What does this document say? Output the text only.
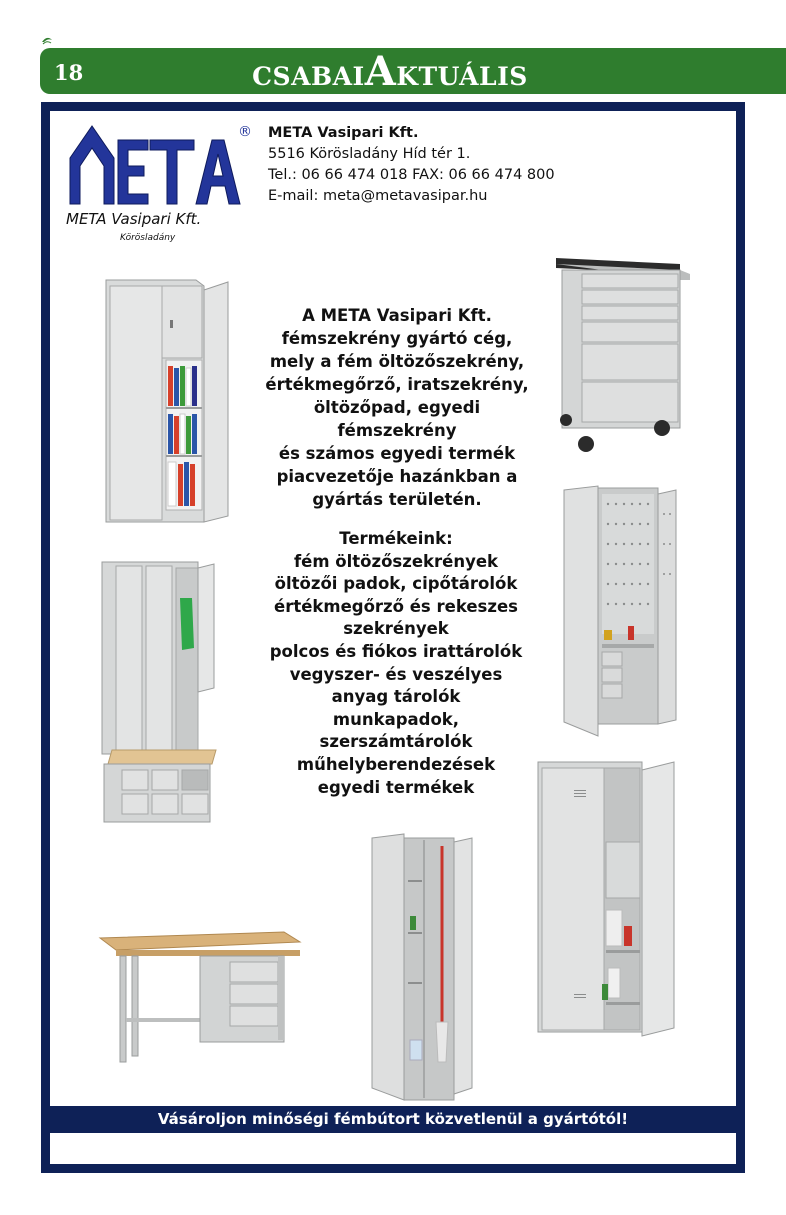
18	CSABAIAKTUÁLIS
®
META Vasipari Kft.
Körösladány
METa
META Vasipari Kft.
5516 Körösladány Híd tér 1.
Tel.: 06 66 474 018 FAX: 06 66 474 800
E-mail: meta@metavasipar.hu
A META Vasipari Kft.
fémszekrény gyártó cég,
mely a fém öltözőszekrény,
értékmegőrző, iratszekrény,
öltözőpad, egyedi
fémszekrény
és számos egyedi termék
piacvezetője hazánkban a
gyártás területén.
Termékeink:
fém öltözőszekrények
öltözői padok, cipőtárolók
értékmegőrző és rekeszes
szekrények
polcos és fiókos irattárolók
vegyszer- és veszélyes
anyag tárolók
munkapadok,
szerszámtárolók
műhelyberendezések
egyedi termékek
Vásároljon minőségi fémbútort közvetlenül a gyártótól!
